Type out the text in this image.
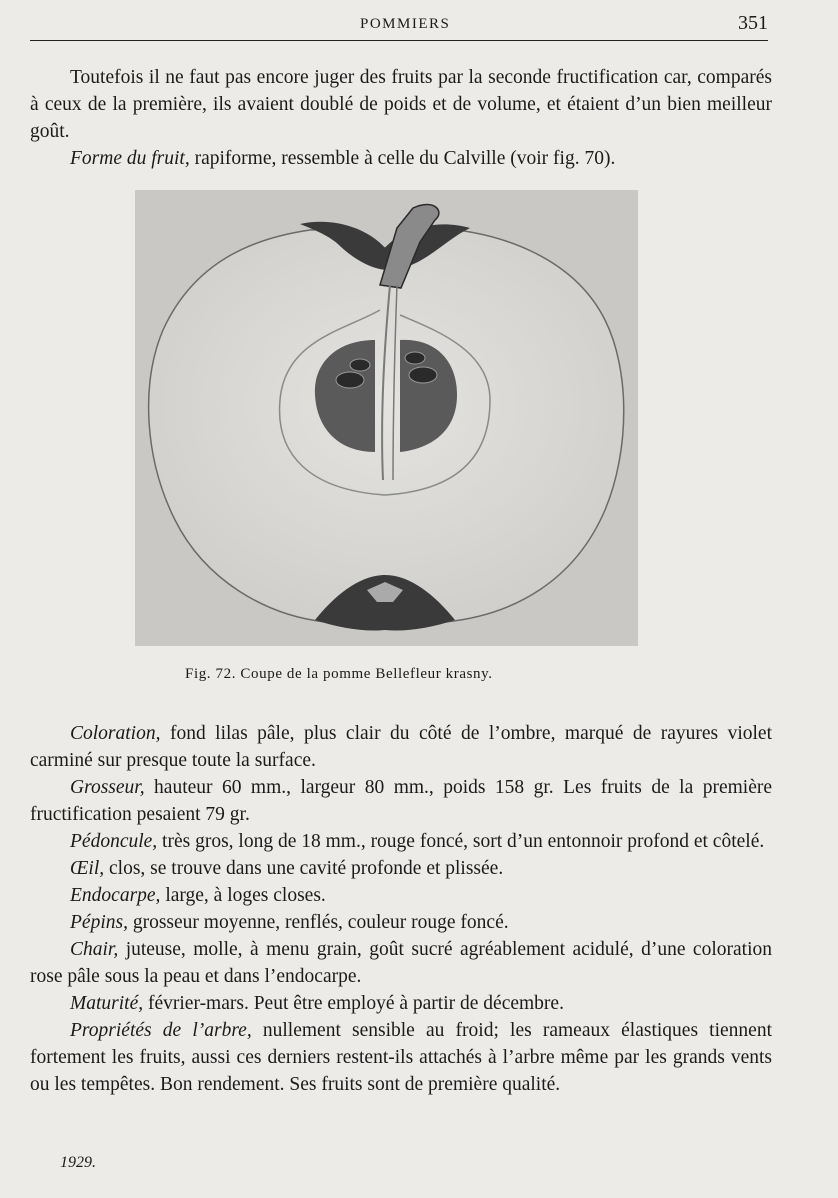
POMMIERS	351

Toutefois il ne faut pas encore juger des fruits par la seconde fructification car, comparés à ceux de la première, ils avaient doublé de poids et de volume, et étaient d’un bien meilleur goût.

Forme du fruit, rapiforme, ressemble à celle du Calville (voir fig. 70).

Fig. 72. Coupe de la pomme Bellefleur krasny.

Coloration, fond lilas pâle, plus clair du côté de l’ombre, marqué de rayures violet carminé sur presque toute la surface.

Grosseur, hauteur 60 mm., largeur 80 mm., poids 158 gr. Les fruits de la première fructification pesaient 79 gr.

Pédoncule, très gros, long de 18 mm., rouge foncé, sort d’un entonnoir profond et côtelé.

Œil, clos, se trouve dans une cavité profonde et plissée.

Endocarpe, large, à loges closes.

Pépins, grosseur moyenne, renflés, couleur rouge foncé.

Chair, juteuse, molle, à menu grain, goût sucré agréablement acidulé, d’une coloration rose pâle sous la peau et dans l’endocarpe.

Maturité, février-mars. Peut être employé à partir de décembre.

Propriétés de l’arbre, nullement sensible au froid; les rameaux élastiques tiennent fortement les fruits, aussi ces derniers restent-ils attachés à l’arbre même par les grands vents ou les tempêtes. Bon rendement. Ses fruits sont de première qualité.

1929.
